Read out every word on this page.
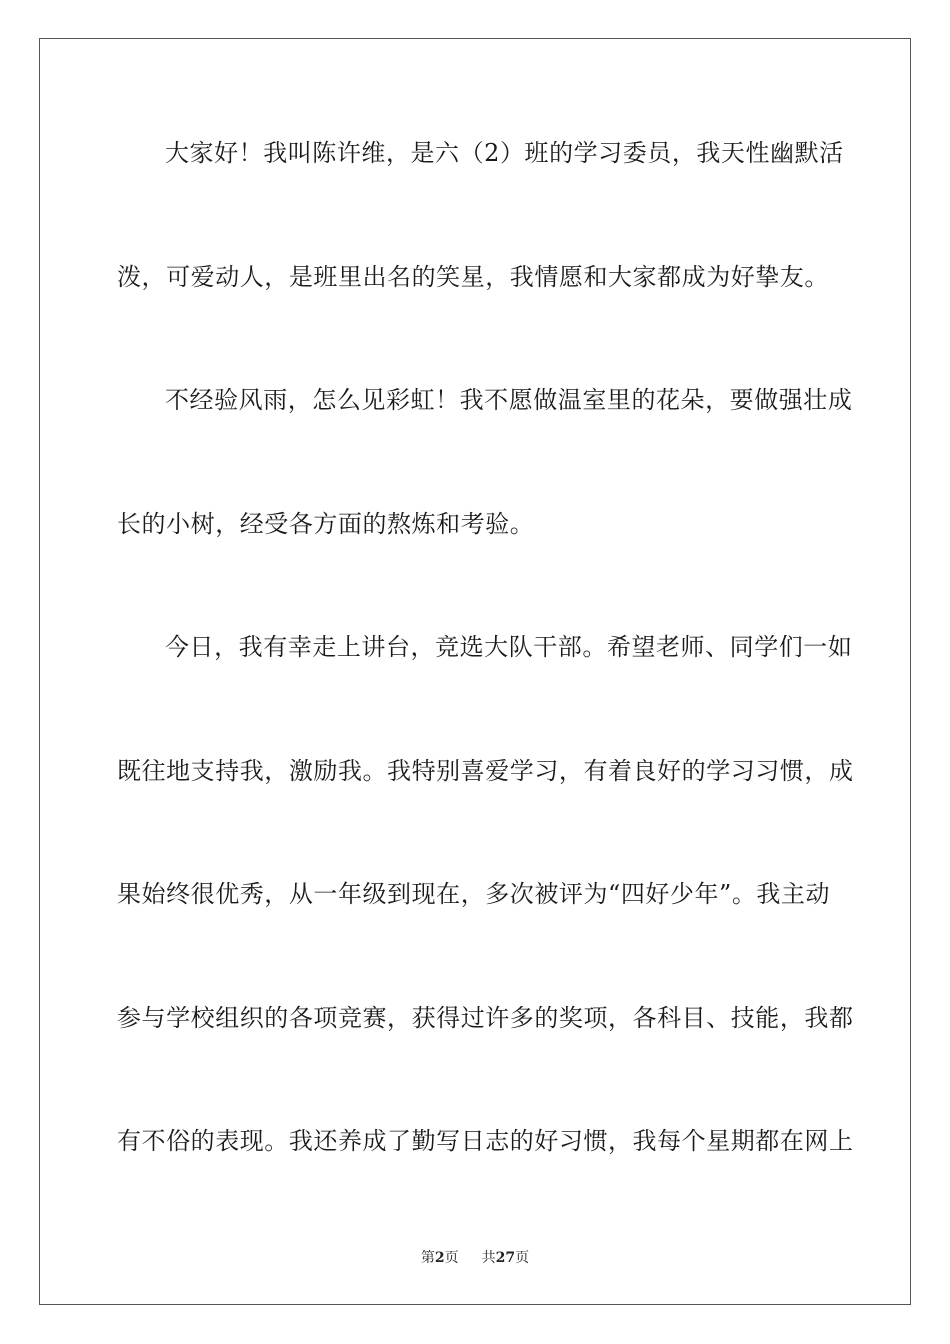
大家好！我叫陈许维，是六（2）班的学习委员，我天性幽默活
泼，可爱动人，是班里出名的笑星，我情愿和大家都成为好挚友。
不经验风雨，怎么见彩虹！我不愿做温室里的花朵，要做强壮成
长的小树，经受各方面的熬炼和考验。
今日，我有幸走上讲台，竞选大队干部。希望老师、同学们一如
既往地支持我，激励我。我特别喜爱学习，有着良好的学习习惯，成
果始终很优秀，从一年级到现在，多次被评为“四好少年”。我主动
参与学校组织的各项竞赛，获得过许多的奖项，各科目、技能，我都
有不俗的表现。我还养成了勤写日志的好习惯，我每个星期都在网上
第2页 共27页
